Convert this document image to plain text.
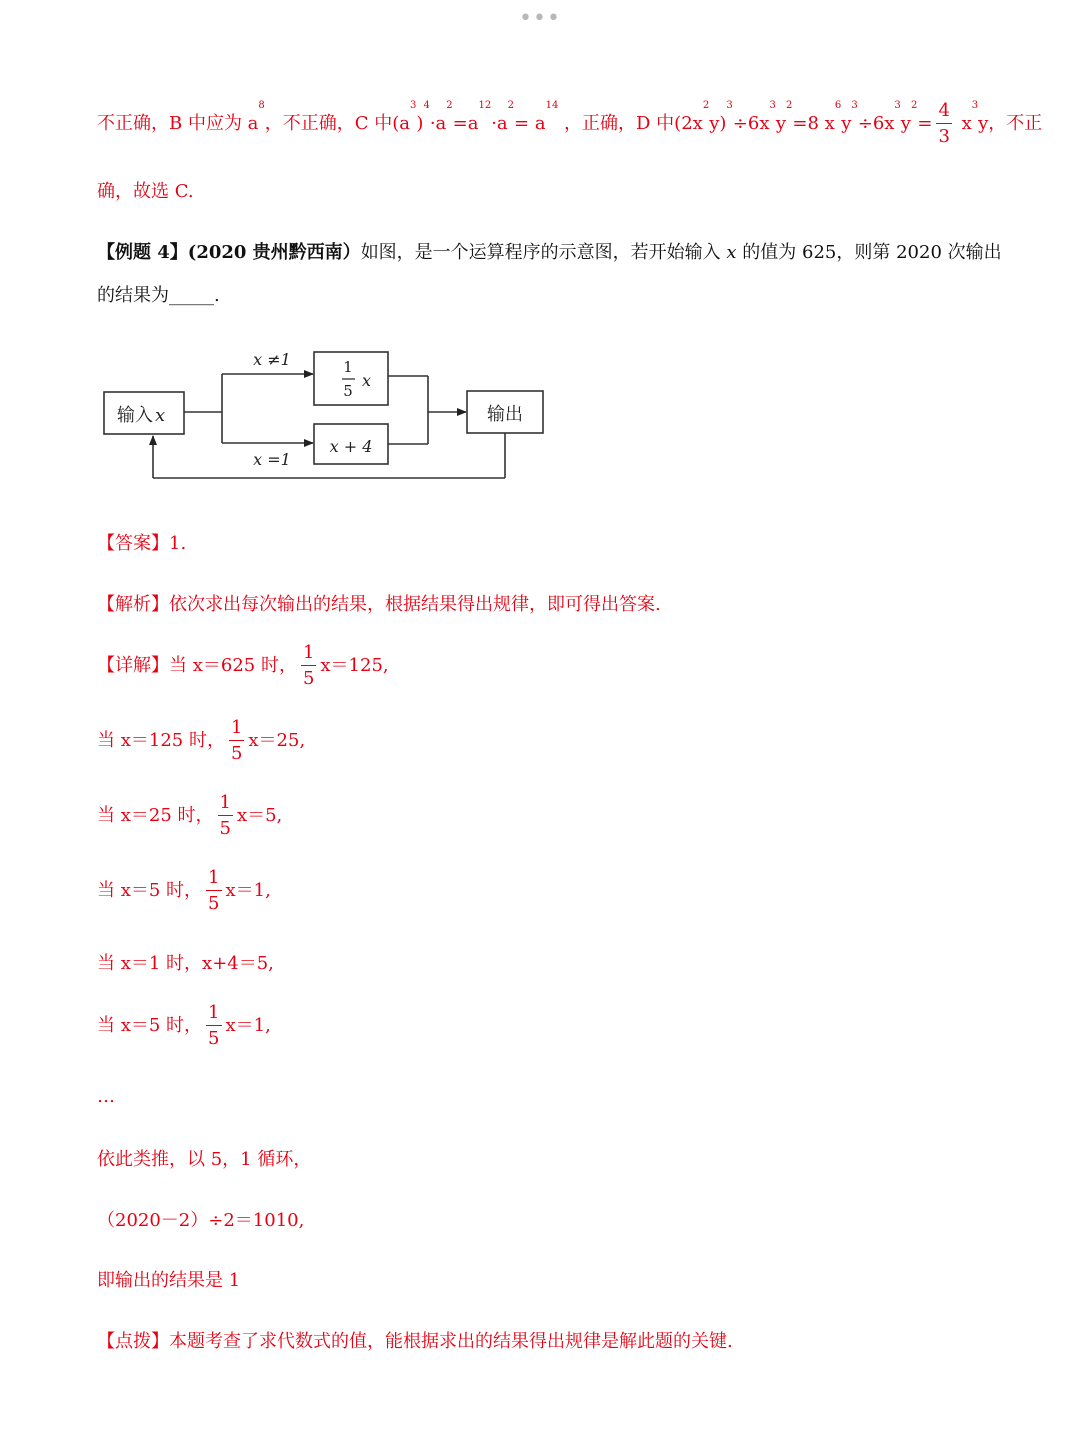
•••
不正确，B 中应为 $a^8$，不正确，C 中$(a^3)^4\cdot a^2=a^{12}\cdot a^2= a^{14}$ ，正确，D 中$(2x^2y)^3\div 6x^3y^2=8$ $x^6y^3\div 6x^3y^2= \frac{4}{3} x^3y$，不正
确，故选 C.
【例题 4】(2020 贵州黔西南）如图，是一个运算程序的示意图，若开始输入 x 的值为 625，则第 2020 次输出
的结果为_____.
输入 x	输出
x ≠1
x =1
1
5
x
x + 4
【答案】1.
【解析】依次求出每次输出的结果，根据结果得出规律，即可得出答案.
【详解】当 x＝625 时， $\frac{1}{5} x=125$,
当 x＝125 时， $\frac{1}{5} x=25$,
当 x＝25 时， $\frac{1}{5} x=5$,
当 x＝5 时， $\frac{1}{5} x=1$,
当 x＝1 时，x+4＝5,
当 x＝5 时， $\frac{1}{5} x=1$,
…
依此类推，以 5，1 循环，
（2020－2）÷2＝1010,
即输出的结果是 1
【点拨】本题考查了求代数式的值，能根据求出的结果得出规律是解此题的关键.
